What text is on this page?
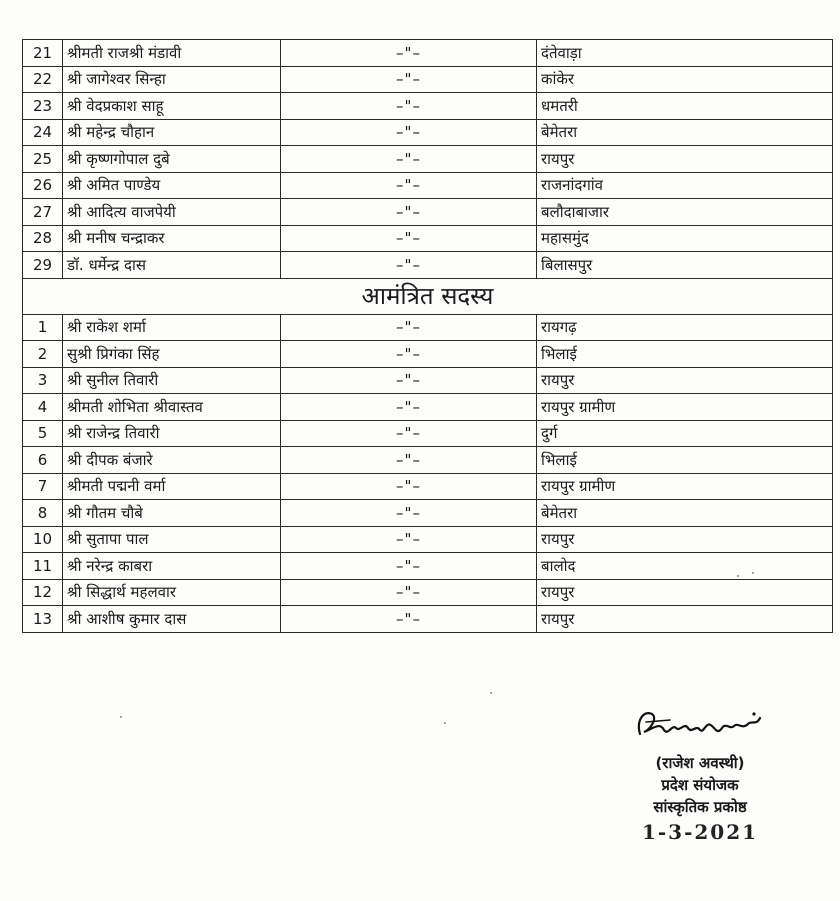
21	श्रीमती राजश्री मंडावी	–"–	दंतेवाड़ा
22	श्री जागेश्वर सिन्हा	–"–	कांकेर
23	श्री वेदप्रकाश साहू	–"–	धमतरी
24	श्री महेन्द्र चौहान	–"–	बेमेतरा
25	श्री कृष्णगोपाल दुबे	–"–	रायपुर
26	श्री अमित पाण्डेय	–"–	राजनांदगांव
27	श्री आदित्य वाजपेयी	–"–	बलौदाबाजार
28	श्री मनीष चन्द्राकर	–"–	महासमुंद
29	डॉ. धर्मेन्द्र दास	–"–	बिलासपुर
आमंत्रित सदस्य			
1	श्री राकेश शर्मा	–"–	रायगढ़
2	सुश्री प्रिगंका सिंह	–"–	भिलाई
3	श्री सुनील तिवारी	–"–	रायपुर
4	श्रीमती शोभिता श्रीवास्तव	–"–	रायपुर ग्रामीण
5	श्री राजेन्द्र तिवारी	–"–	दुर्ग
6	श्री दीपक बंजारे	–"–	भिलाई
7	श्रीमती पद्मनी वर्मा	–"–	रायपुर ग्रामीण
8	श्री गौतम चौबे	–"–	बेमेतरा
10	श्री सुतापा पाल	–"–	रायपुर
11	श्री नरेन्द्र काबरा	–"–	बालोद
12	श्री सिद्धार्थ महलवार	–"–	रायपुर
13	श्री आशीष कुमार दास	–"–	रायपुर
(राजेश अवस्थी)
प्रदेश संयोजक
सांस्कृतिक प्रकोष्ठ
1-3-2021
